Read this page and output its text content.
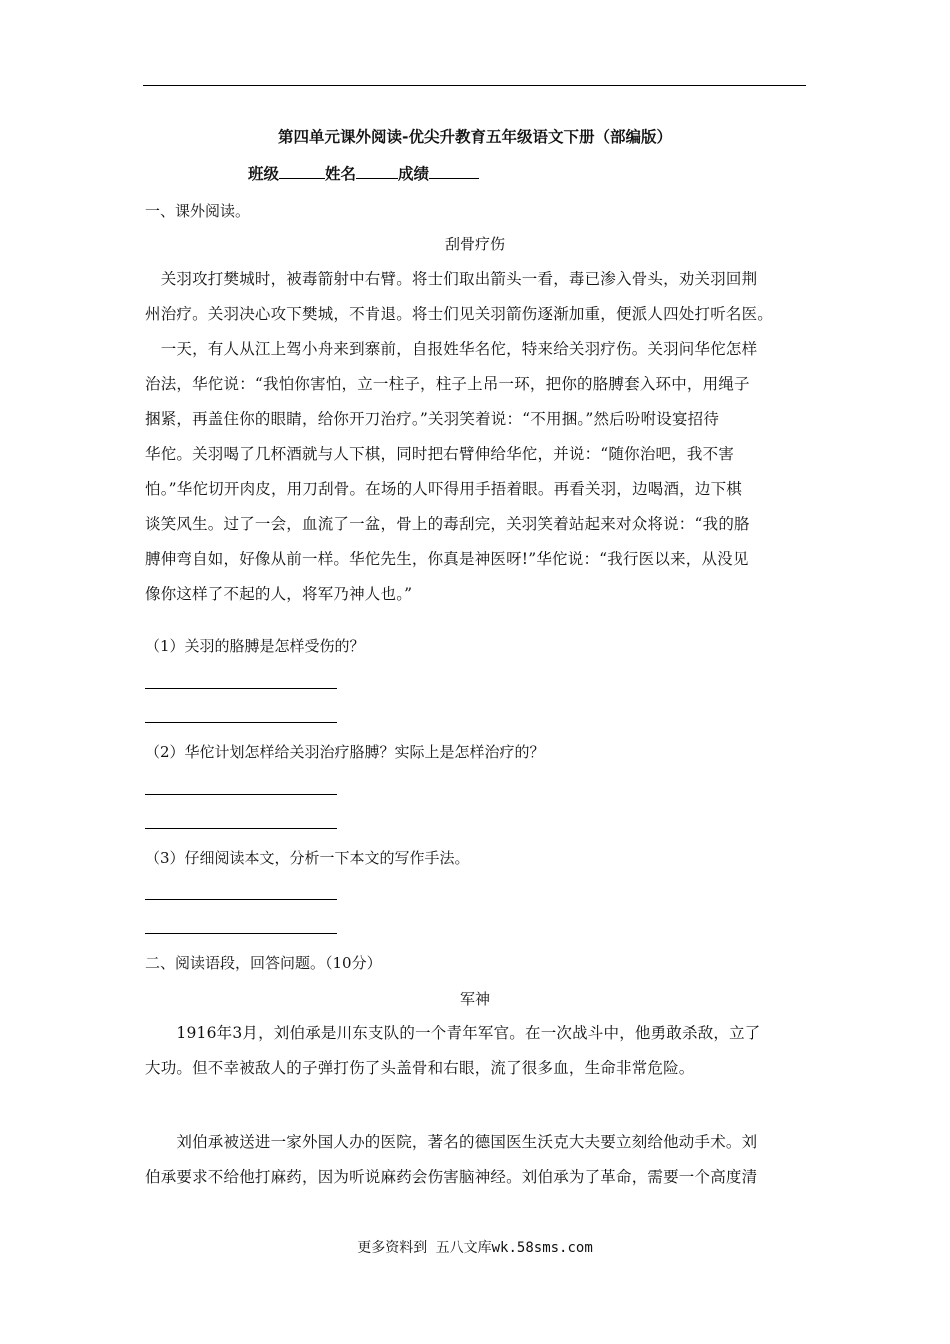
第四单元课外阅读-优尖升教育五年级语文下册（部编版）
班级	姓名	成绩
一、课外阅读。
刮骨疗伤
　关羽攻打樊城时，被毒箭射中右臂。将士们取出箭头一看，毒已渗入骨头，劝关羽回荆
州治疗。关羽决心攻下樊城，不肯退。将士们见关羽箭伤逐渐加重，便派人四处打听名医。
　一天，有人从江上驾小舟来到寨前，自报姓华名佗，特来给关羽疗伤。关羽问华佗怎样
治法，华佗说：“我怕你害怕，立一柱子，柱子上吊一环，把你的胳膊套入环中，用绳子
捆紧，再盖住你的眼睛，给你开刀治疗。”关羽笑着说：“不用捆。”然后吩咐设宴招待
华佗。关羽喝了几杯酒就与人下棋，同时把右臂伸给华佗，并说：“随你治吧，我不害
怕。”华佗切开肉皮，用刀刮骨。在场的人吓得用手捂着眼。再看关羽，边喝酒，边下棋
谈笑风生。过了一会，血流了一盆，骨上的毒刮完，关羽笑着站起来对众将说：“我的胳
膊伸弯自如，好像从前一样。华佗先生，你真是神医呀!”华佗说：“我行医以来，从没见
像你这样了不起的人，将军乃神人也。”
（1）关羽的胳膊是怎样受伤的？
（2）华佗计划怎样给关羽治疗胳膊？实际上是怎样治疗的？
（3）仔细阅读本文，分析一下本文的写作手法。
二、阅读语段，回答问题。（10分）
军神
　　1916年3月，刘伯承是川东支队的一个青年军官。在一次战斗中，他勇敢杀敌，立了
大功。但不幸被敌人的子弹打伤了头盖骨和右眼，流了很多血，生命非常危险。
　　刘伯承被送进一家外国人办的医院，著名的德国医生沃克大夫要立刻给他动手术。刘
伯承要求不给他打麻药，因为听说麻药会伤害脑神经。刘伯承为了革命，需要一个高度清
更多资料到 五八文库wk.58sms.com
